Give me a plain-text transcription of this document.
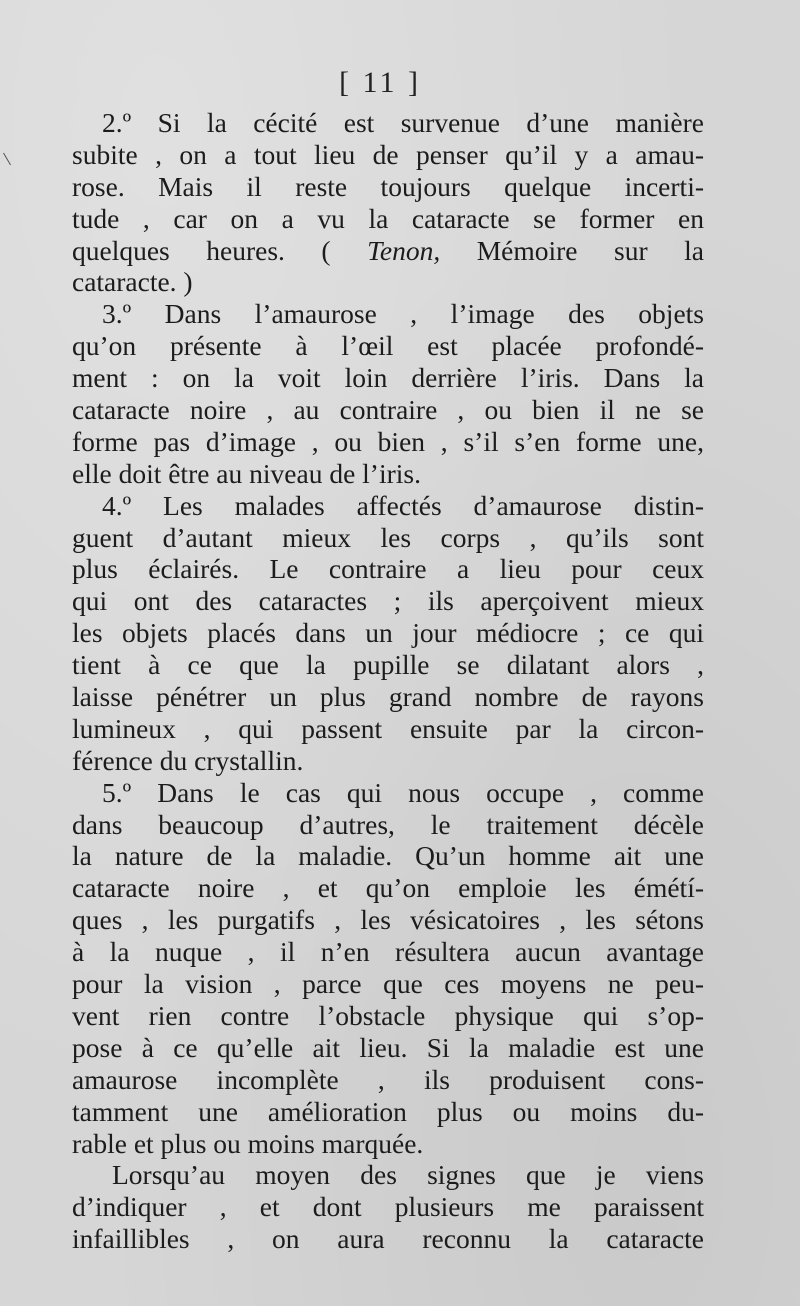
[ 11 ]
2.º Si la cécité est survenue d’une manière
subite , on a tout lieu de penser qu’il y a amau-
rose. Mais il reste toujours quelque incerti-
tude , car on a vu la cataracte se former en
quelques heures. ( Tenon, Mémoire sur la
cataracte. )
3.º Dans l’amaurose , l’image des objets
qu’on présente à l’œil est placée profondé-
ment : on la voit loin derrière l’iris. Dans la
cataracte noire , au contraire , ou bien il ne se
forme pas d’image , ou bien , s’il s’en forme une,
elle doit être au niveau de l’iris.
4.º Les malades affectés d’amaurose distin-
guent d’autant mieux les corps , qu’ils sont
plus éclairés. Le contraire a lieu pour ceux
qui ont des cataractes ; ils aperçoivent mieux
les objets placés dans un jour médiocre ; ce qui
tient à ce que la pupille se dilatant alors ,
laisse pénétrer un plus grand nombre de rayons
lumineux , qui passent ensuite par la circon-
férence du crystallin.
5.º Dans le cas qui nous occupe , comme
dans beaucoup d’autres, le traitement décèle
la nature de la maladie. Qu’un homme ait une
cataracte noire , et qu’on emploie les émétí-
ques , les purgatifs , les vésicatoires , les sétons
à la nuque , il n’en résultera aucun avantage
pour la vision , parce que ces moyens ne peu-
vent rien contre l’obstacle physique qui s’op-
pose à ce qu’elle ait lieu. Si la maladie est une
amaurose incomplète , ils produisent cons-
tamment une amélioration plus ou moins du-
rable et plus ou moins marquée.
Lorsqu’au moyen des signes que je viens
d’indiquer , et dont plusieurs me paraissent
infaillibles , on aura reconnu la cataracte
